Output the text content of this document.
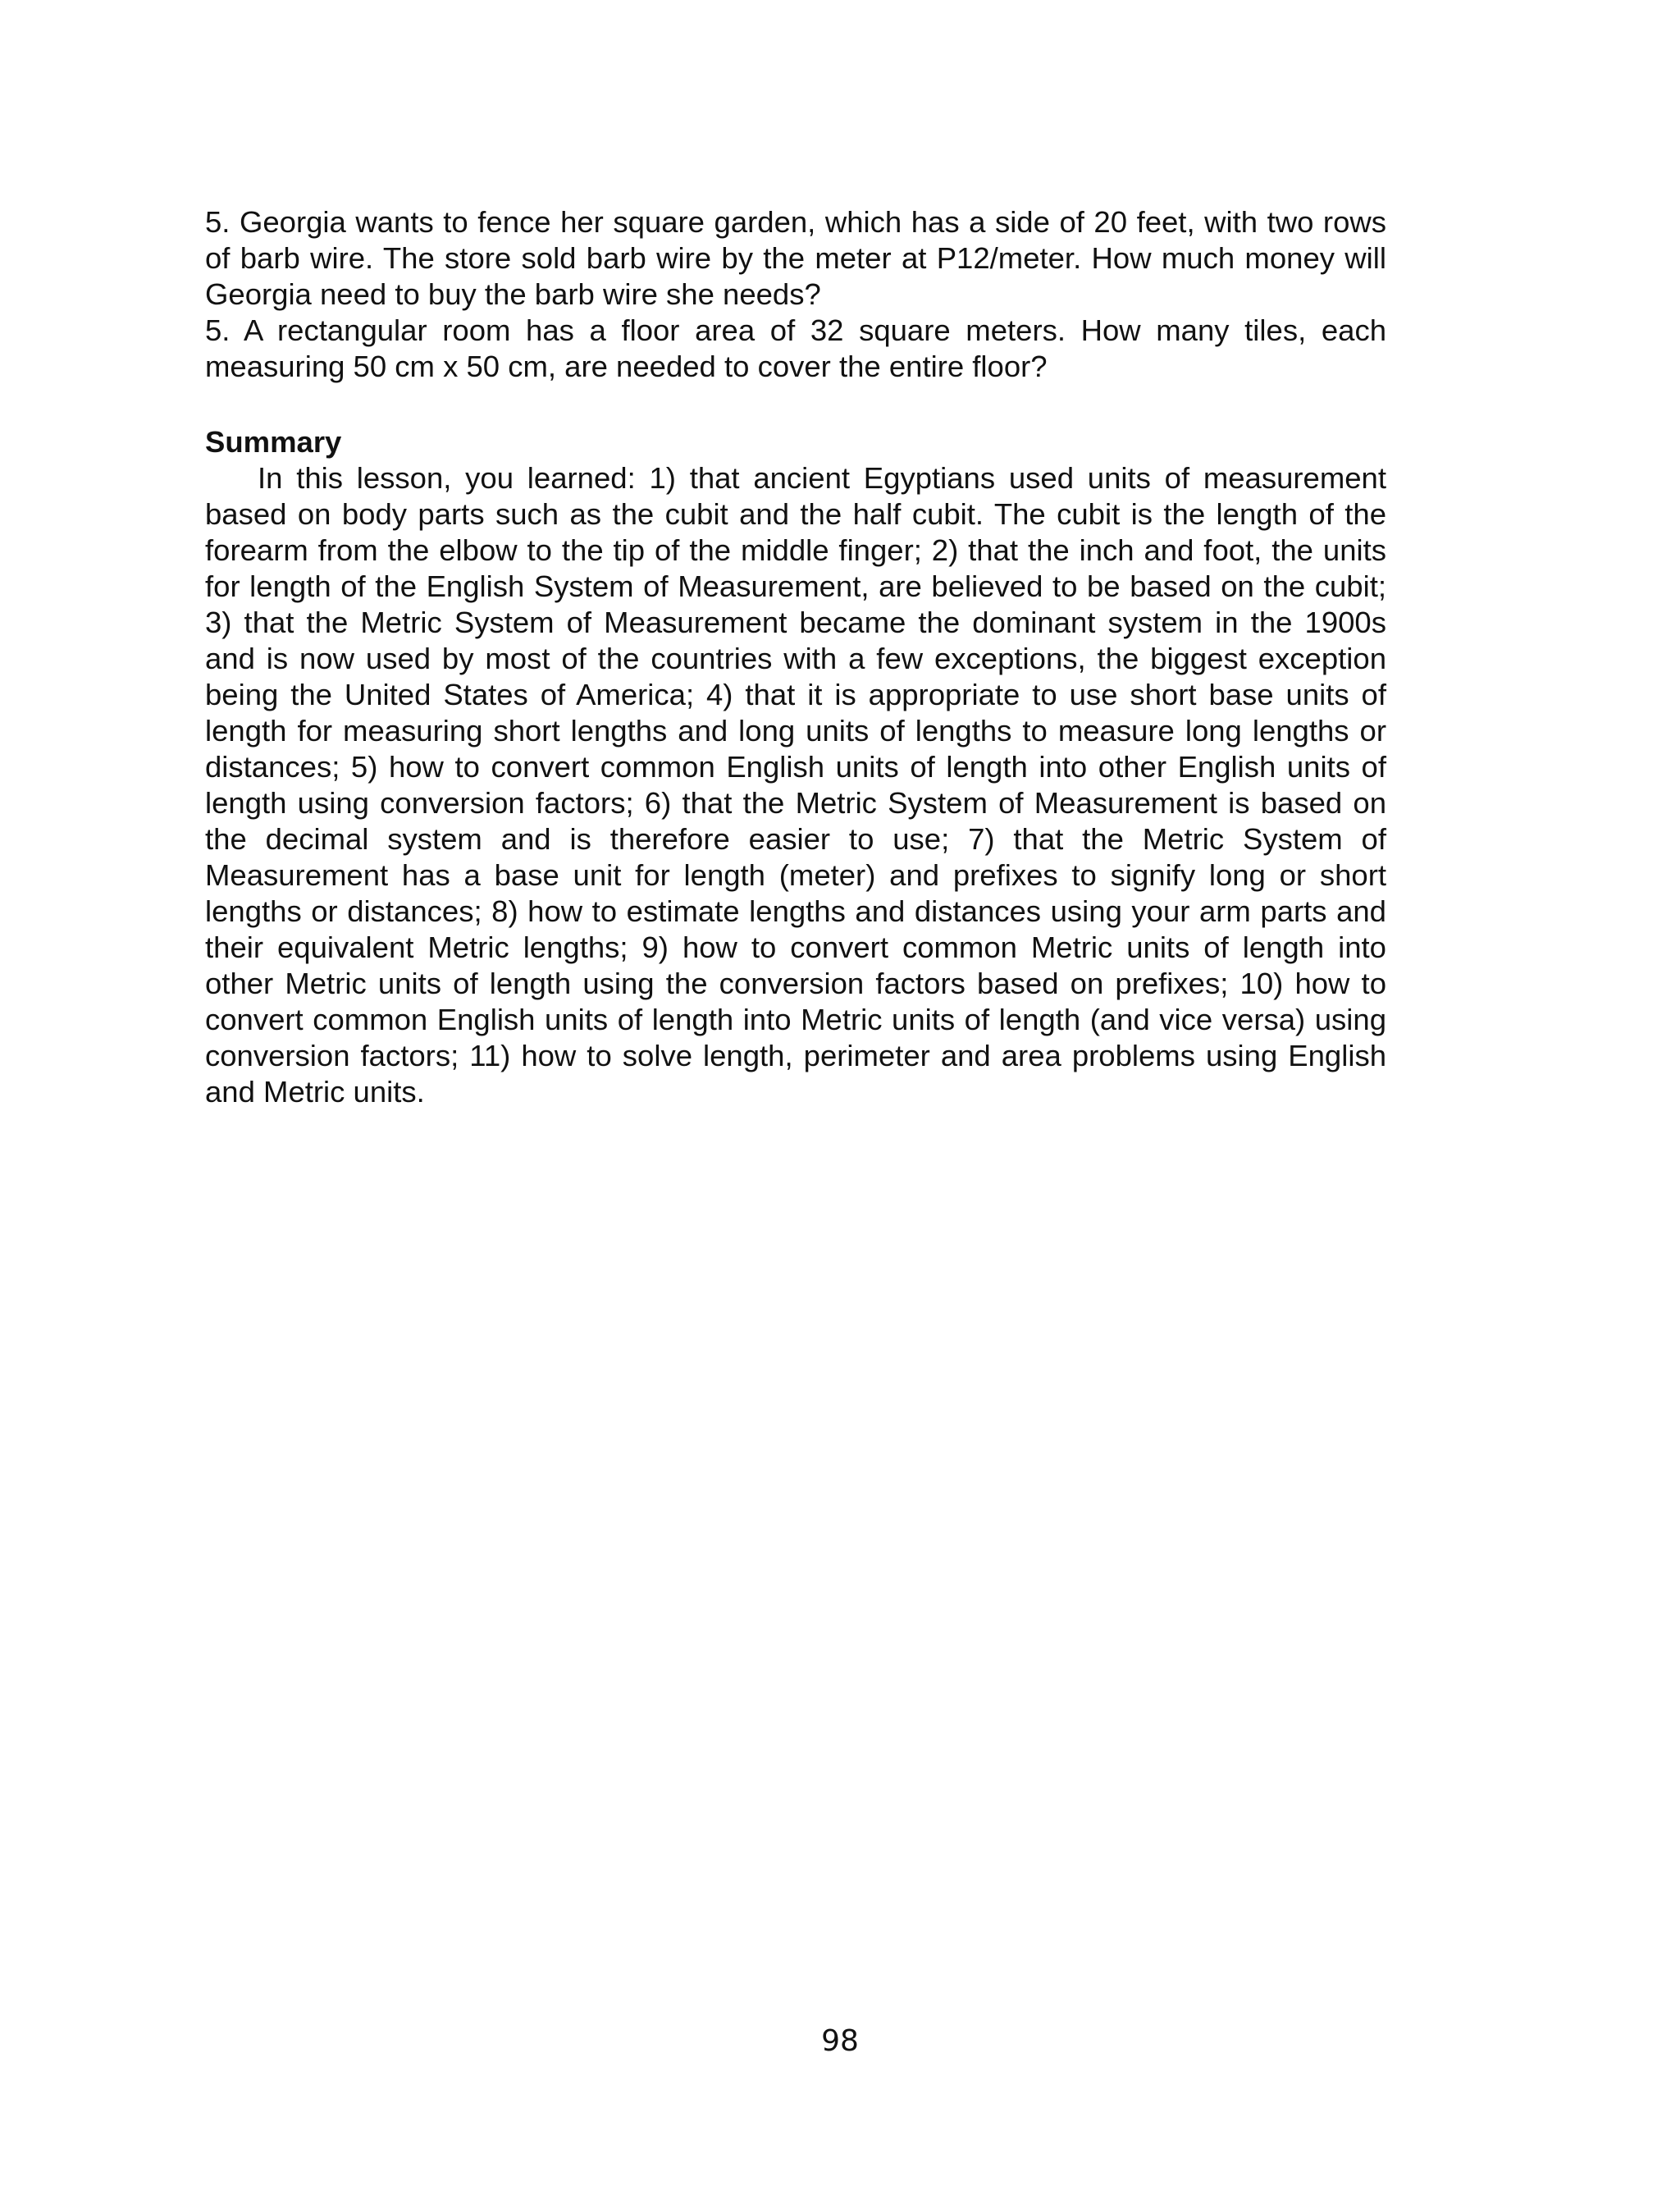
5. Georgia wants to fence her square garden, which has a side of 20 feet, with two rows of barb wire. The store sold barb wire by the meter at P12/meter. How much money will Georgia need to buy the barb wire she needs?

5. A rectangular room has a floor area of 32 square meters. How many tiles, each measuring 50 cm x 50 cm, are needed to cover the entire floor?

Summary

In this lesson, you learned: 1) that ancient Egyptians used units of measurement based on body parts such as the cubit and the half cubit. The cubit is the length of the forearm from the elbow to the tip of the middle finger; 2) that the inch and foot, the units for length of the English System of Measurement, are believed to be based on the cubit; 3) that the Metric System of Measurement became the dominant system in the 1900s and is now used by most of the countries with a few exceptions, the biggest exception being the United States of America; 4) that it is appropriate to use short base units of length for measuring short lengths and long units of lengths to measure long lengths or distances; 5) how to convert common English units of length into other English units of length using conversion factors; 6) that the Metric System of Measurement is based on the decimal system and is therefore easier to use; 7) that the Metric System of Measurement has a base unit for length (meter) and prefixes to signify long or short lengths or distances; 8) how to estimate lengths and distances using your arm parts and their equivalent Metric lengths; 9) how to convert common Metric units of length into other Metric units of length using the conversion factors based on prefixes; 10) how to convert common English units of length into Metric units of length (and vice versa) using conversion factors; 11) how to solve length, perimeter and area problems using English and Metric units.

98
